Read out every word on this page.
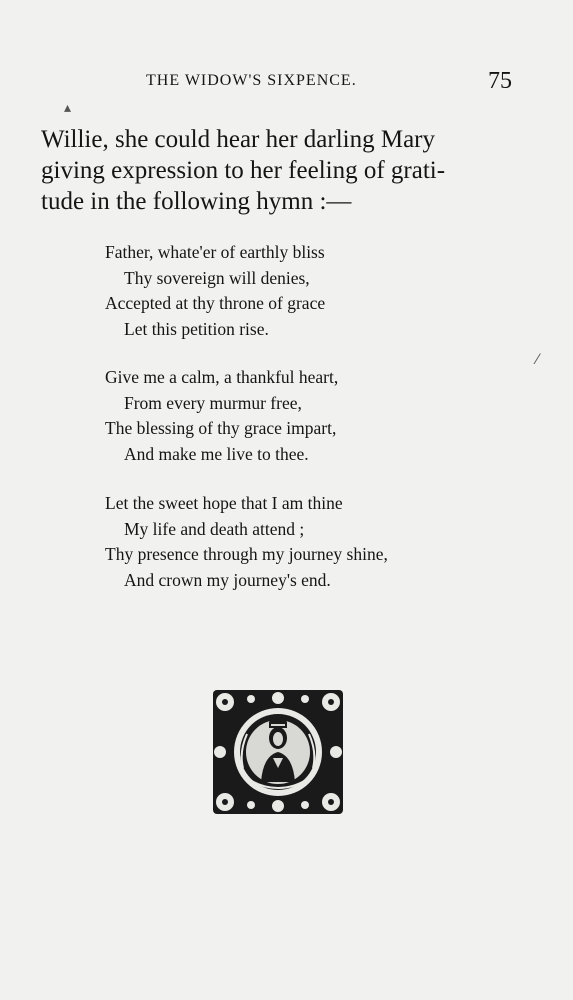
THE WIDOW'S SIXPENCE.	75
▴
⁄
Willie, she could hear her darling Mary
giving expression to her feeling of grati-
tude in the following hymn :—
Father, whate'er of earthly bliss
Thy sovereign will denies,
Accepted at thy throne of grace
Let this petition rise.
Give me a calm, a thankful heart,
From every murmur free,
The blessing of thy grace impart,
And make me live to thee.
Let the sweet hope that I am thine
My life and death attend ;
Thy presence through my journey shine,
And crown my journey's end.
